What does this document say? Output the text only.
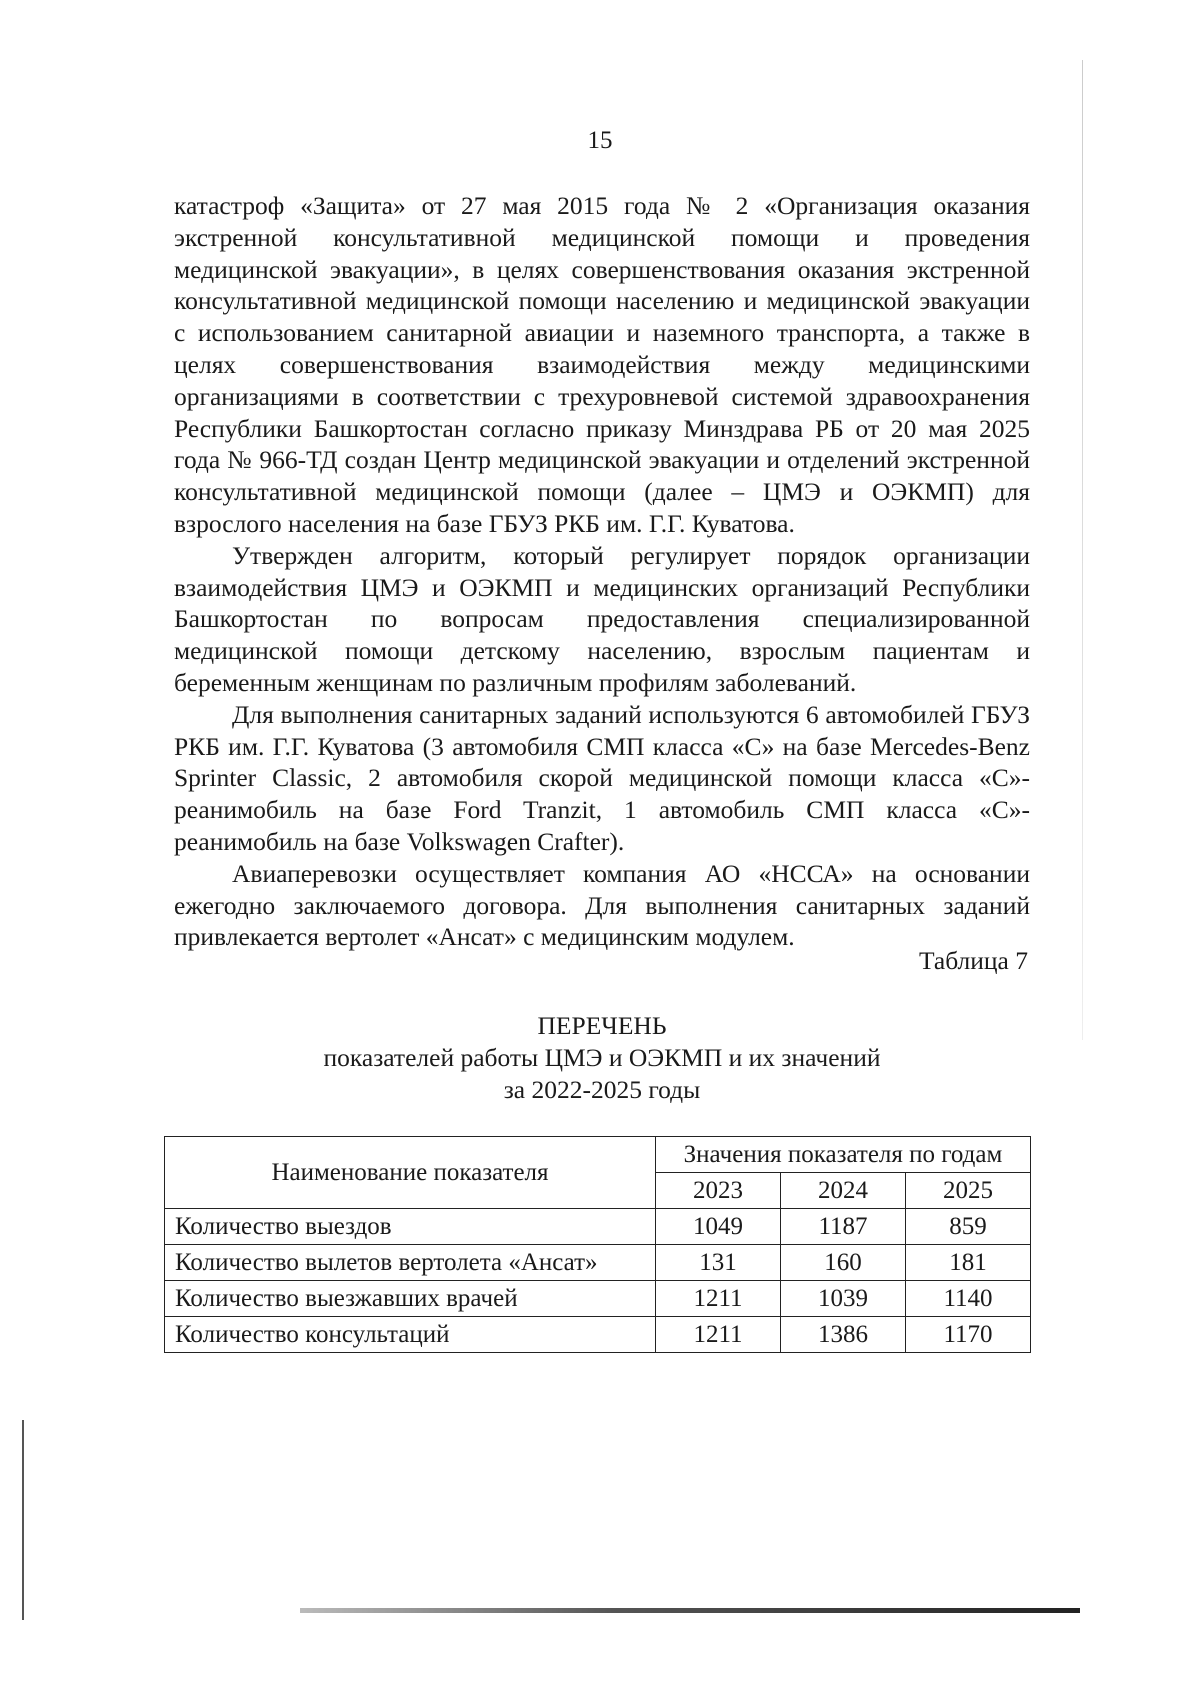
15

катастроф «Защита» от 27 мая 2015 года № 2 «Организация оказания экстренной консультативной медицинской помощи и проведения медицинской эвакуации», в целях совершенствования оказания экстренной консультативной медицинской помощи населению и медицинской эвакуации с использованием санитарной авиации и наземного транспорта, а также в целях совершенствования взаимодействия между медицинскими организациями в соответствии с трехуровневой системой здравоохранения Республики Башкортостан согласно приказу Минздрава РБ от 20 мая 2025 года № 966-ТД создан Центр медицинской эвакуации и отделений экстренной консультативной медицинской помощи (далее – ЦМЭ и ОЭКМП) для взрослого населения на базе ГБУЗ РКБ им. Г.Г. Куватова.

Утвержден алгоритм, который регулирует порядок организации взаимодействия ЦМЭ и ОЭКМП и медицинских организаций Республики Башкортостан по вопросам предоставления специализированной медицинской помощи детскому населению, взрослым пациентам и беременным женщинам по различным профилям заболеваний.

Для выполнения санитарных заданий используются 6 автомобилей ГБУЗ РКБ им. Г.Г. Куватова (3 автомобиля СМП класса «С» на базе Mercedes-Benz Sprinter Classic, 2 автомобиля скорой медицинской помощи класса «С»-реанимобиль на базе Ford Tranzit, 1 автомобиль СМП класса «С»-реанимобиль на базе Volkswagen Crafter).

Авиаперевозки осуществляет компания АО «НССА» на основании ежегодно заключаемого договора. Для выполнения санитарных заданий привлекается вертолет «Ансат» с медицинским модулем.

Таблица 7
ПЕРЕЧЕНЬ
показателей работы ЦМЭ и ОЭКМП и их значений
за 2022-2025 годы
Наименование показателя	Значения показателя по годам		
	2023	2024	2025
Количество выездов	1049	1187	859
Количество вылетов вертолета «Ансат»	131	160	181
Количество выезжавших врачей	1211	1039	1140
Количество консультаций	1211	1386	1170
